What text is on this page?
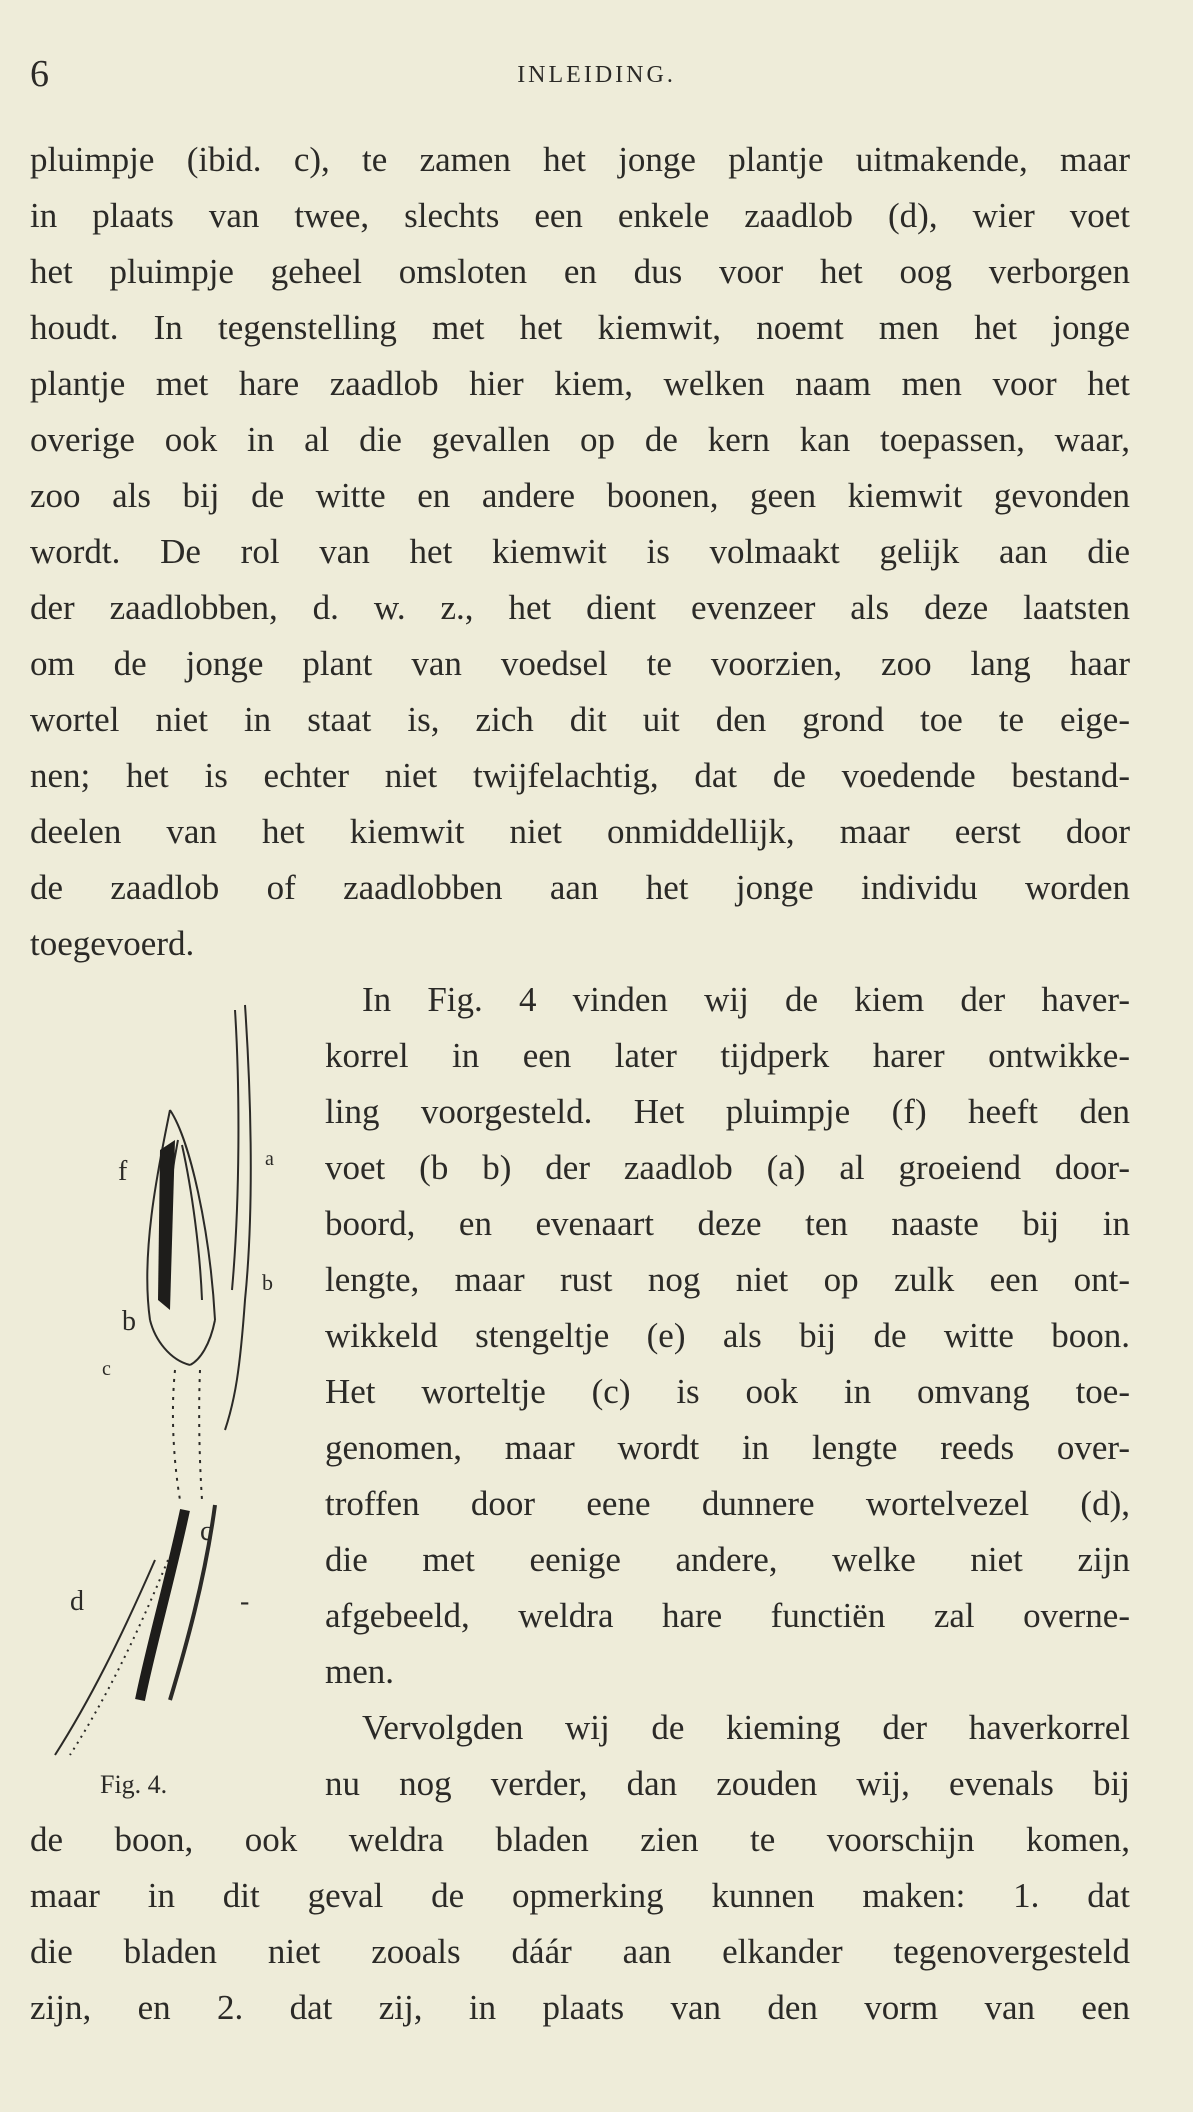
6	INLEIDING.
pluimpje (ibid. c), te zamen het jonge plantje uitmakende, maar
in plaats van twee, slechts een enkele zaadlob (d), wier voet
het pluimpje geheel omsloten en dus voor het oog verborgen
houdt. In tegenstelling met het kiemwit, noemt men het jonge
plantje met hare zaadlob hier kiem, welken naam men voor het
overige ook in al die gevallen op de kern kan toepassen, waar,
zoo als bij de witte en andere boonen, geen kiemwit gevonden
wordt. De rol van het kiemwit is volmaakt gelijk aan die
der zaadlobben, d. w. z., het dient evenzeer als deze laatsten
om de jonge plant van voedsel te voorzien, zoo lang haar
wortel niet in staat is, zich dit uit den grond toe te eige-
nen; het is echter niet twijfelachtig, dat de voedende bestand-
deelen van het kiemwit niet onmiddellijk, maar eerst door
de zaadlob of zaadlobben aan het jonge individu worden
toegevoerd.
In Fig. 4 vinden wij de kiem der haver-
korrel in een later tijdperk harer ontwikke-
ling voorgesteld. Het pluimpje (f) heeft den
voet (b b) der zaadlob (a) al groeiend door-
boord, en evenaart deze ten naaste bij in
lengte, maar rust nog niet op zulk een ont-
wikkeld stengeltje (e) als bij de witte boon.
Het worteltje (c) is ook in omvang toe-
genomen, maar wordt in lengte reeds over-
troffen door eene dunnere wortelvezel (d),
die met eenige andere, welke niet zijn
afgebeeld, weldra hare functiën zal overne-
men.
Vervolgden wij de kieming der haverkorrel
nu nog verder, dan zouden wij, evenals bij
de boon, ook weldra bladen zien te voorschijn komen,
maar in dit geval de opmerking kunnen maken: 1. dat
die bladen niet zooals dáár aan elkander tegenovergesteld
zijn, en 2. dat zij, in plaats van den vorm van een
f	a
b
b
c
c
d	-
Fig. 4.
